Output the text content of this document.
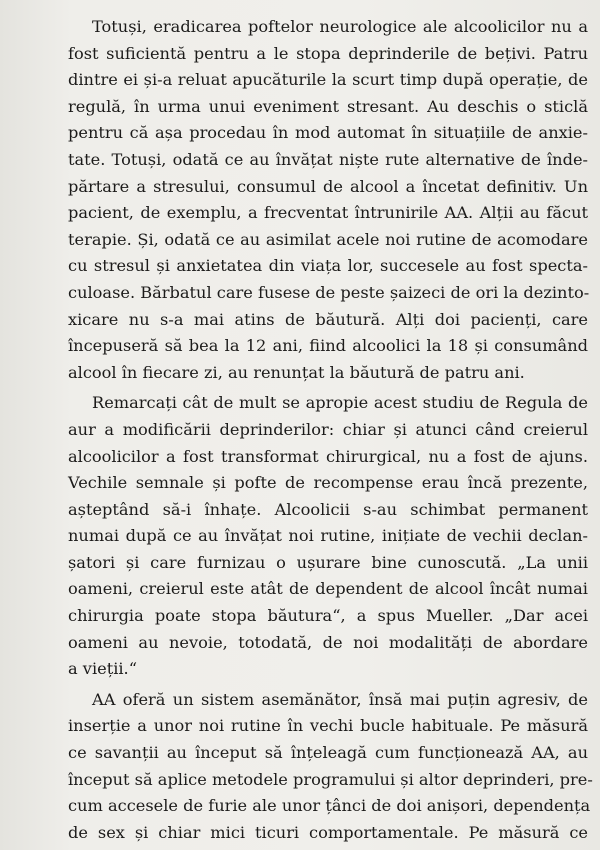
Totuși, eradicarea poftelor neurologice ale alcoolicilor nu a
fost suficientă pentru a le stopa deprinderile de bețivi. Patru
dintre ei și-a reluat apucăturile la scurt timp după operație, de
regulă, în urma unui eveniment stresant. Au deschis o sticlă
pentru că așa procedau în mod automat în situațiile de anxie-
tate. Totuși, odată ce au învățat niște rute alternative de înde-
părtare a stresului, consumul de alcool a încetat definitiv. Un
pacient, de exemplu, a frecventat întrunirile AA. Alții au făcut
terapie. Și, odată ce au asimilat acele noi rutine de acomodare
cu stresul și anxietatea din viața lor, succesele au fost specta-
culoase. Bărbatul care fusese de peste șaizeci de ori la dezinto-
xicare nu s-a mai atins de băutură. Alți doi pacienți, care
începuseră să bea la 12 ani, fiind alcoolici la 18 și consumând
alcool în fiecare zi, au renunțat la băutură de patru ani.

Remarcați cât de mult se apropie acest studiu de Regula de
aur a modificării deprinderilor: chiar și atunci când creierul
alcoolicilor a fost transformat chirurgical, nu a fost de ajuns.
Vechile semnale și pofte de recompense erau încă prezente,
așteptând să-i înhațe. Alcoolicii s-au schimbat permanent
numai după ce au învățat noi rutine, inițiate de vechii declan-
șatori și care furnizau o ușurare bine cunoscută. „La unii
oameni, creierul este atât de dependent de alcool încât numai
chirurgia poate stopa băutura“, a spus Mueller. „Dar acei
oameni au nevoie, totodată, de noi modalități de abordare
a vieții.“

AA oferă un sistem asemănător, însă mai puțin agresiv, de
inserție a unor noi rutine în vechi bucle habituale. Pe măsură
ce savanții au început să înțeleagă cum funcționează AA, au
început să aplice metodele programului și altor deprinderi, pre-
cum accesele de furie ale unor țânci de doi anișori, dependența
de sex și chiar mici ticuri comportamentale. Pe măsură ce
